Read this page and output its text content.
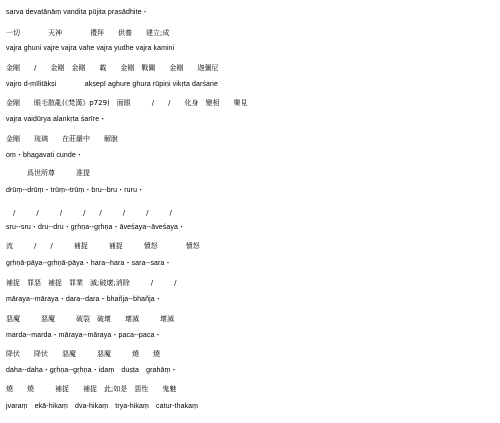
sarva devatānāṃ vandita pūjita prasādhite・
一切　　　　天神　　　　禮拜　　供養　　建立;成
vajra ghuni vajre vajra vahe vajra yudhe vajra kamini
金剛　　/　　金剛　金剛　　載　　金剛　戰關　　金剛　　迦彌尼
vajro d-mīlitākṣi　　　　akṣepī aghure ghura rūpiṇi vikṛta darśane
金剛　　眼毛散亂(《梵漢》p729)　面眼　　　/　　/　　化身　變相　　樂見
vajra vaiḍūrya alankṛta śarīre・
金剛　　琉璃　　在莊嚴中　　解脫
oṃ・bhagavati cunde・
　　　爲世所尊　　　准提
drūṃ--drūṃ・trūṃ--trūṃ・bru--bru・ruru・
　/　　　/　　　/　　　/　　/　　　/　　　/　　　/
sru--sru・dru--dru・gṛhṇa--gṛhṇa・āveśaya--āveśaya・
流　　　/　　/　　　補捉　　　補捉　　　憤怒　　　　憤怒
gṛhṇā-pāya--gṛhṇā-pāya・hara--hara・sara--sara・
補捉　罪惡　補捉　罪業　滅;破壞;消除　　　/　　　/
māraya--māraya・dara--dara・bhañja--bhañja・
惡魔　　　惡魔　　　破裂　破壞　　壞滅　　　壞滅
marda--marda・māraya--māraya・paca--paca・
降伏　　降伏　　惡魔　　　惡魔　　　燒　　燒
daha--daha・gṛhṇa--gṛhṇa・idaṃ　duṣṭa　grahāṃ・
燒　　燒　　　補捉　　補捉　此;如是　惡性　　鬼魅
jvaraṃ　ekā-hikaṃ　dva-hikaṃ　trya-hikaṃ　catur-thakaṃ
